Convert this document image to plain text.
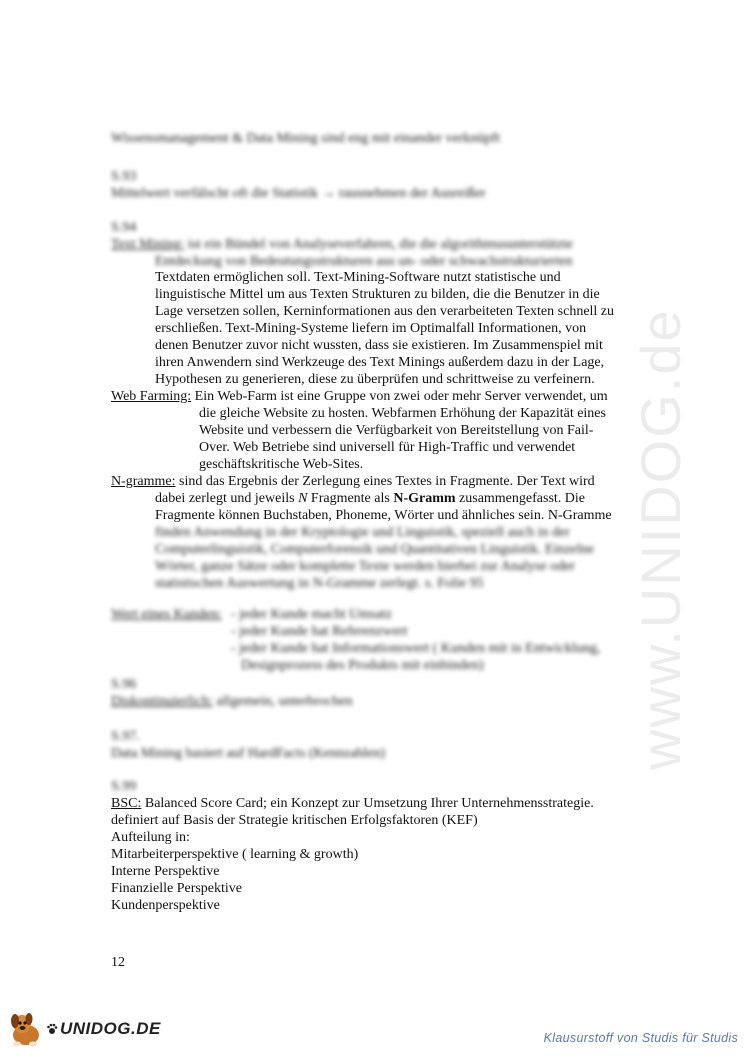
www.UNIDOG.de
Wissensmanagement & Data Mining sind eng mit einander verknüpft
S.93
Mittelwert verfälscht oft die Statistik → rausnehmen der Ausreißer
S.94
Text Mining: ist ein Bündel von Analyseverfahren, die die algorithmusunterstützte
Entdeckung von Bedeutungsstrukturen aus un- oder schwachstrukturierten
Textdaten ermöglichen soll. Text-Mining-Software nutzt statistische und
linguistische Mittel um aus Texten Strukturen zu bilden, die die Benutzer in die
Lage versetzen sollen, Kerninformationen aus den verarbeiteten Texten schnell zu
erschließen. Text-Mining-Systeme liefern im Optimalfall Informationen, von
denen Benutzer zuvor nicht wussten, dass sie existieren. Im Zusammenspiel mit
ihren Anwendern sind Werkzeuge des Text Minings außerdem dazu in der Lage,
Hypothesen zu generieren, diese zu überprüfen und schrittweise zu verfeinern.
Web Farming: Ein Web-Farm ist eine Gruppe von zwei oder mehr Server verwendet, um
die gleiche Website zu hosten. Webfarmen Erhöhung der Kapazität eines
Website und verbessern die Verfügbarkeit von Bereitstellung von Fail-
Over. Web Betriebe sind universell für High-Traffic und verwendet
geschäftskritische Web-Sites.
N-gramme: sind das Ergebnis der Zerlegung eines Textes in Fragmente. Der Text wird
dabei zerlegt und jeweils N Fragmente als N-Gramm zusammengefasst. Die
Fragmente können Buchstaben, Phoneme, Wörter und ähnliches sein. N-Gramme
finden Anwendung in der Kryptologie und Linguistik, speziell auch in der
Computerlinguistik, Computerforensik und Quantitativen Linguistik. Einzelne
Wörter, ganze Sätze oder komplette Texte werden hierbei zur Analyse oder
statistischen Auswertung in N-Gramme zerlegt. s. Folie 95
Wert eines Kunden: - jeder Kunde macht Umsatz
- jeder Kunde hat Referenzwert
- jeder Kunde hat Informationswert ( Kunden mit in Entwicklung,
Designprozess des Produkts mit einbinden)
S.96
Diskontinuierlich: allgemein, unterbrochen
S.97.
Data Mining basiert auf HardFacts (Kennzahlen)
S.99
BSC: Balanced Score Card; ein Konzept zur Umsetzung Ihrer Unternehmensstrategie.
definiert auf Basis der Strategie kritischen Erfolgsfaktoren (KEF)
Aufteilung in:
Mitarbeiterperspektive ( learning & growth)
Interne Perspektive
Finanzielle Perspektive
Kundenperspektive
12
UNIDOG.DE	Klausurstoff von Studis für Studis
